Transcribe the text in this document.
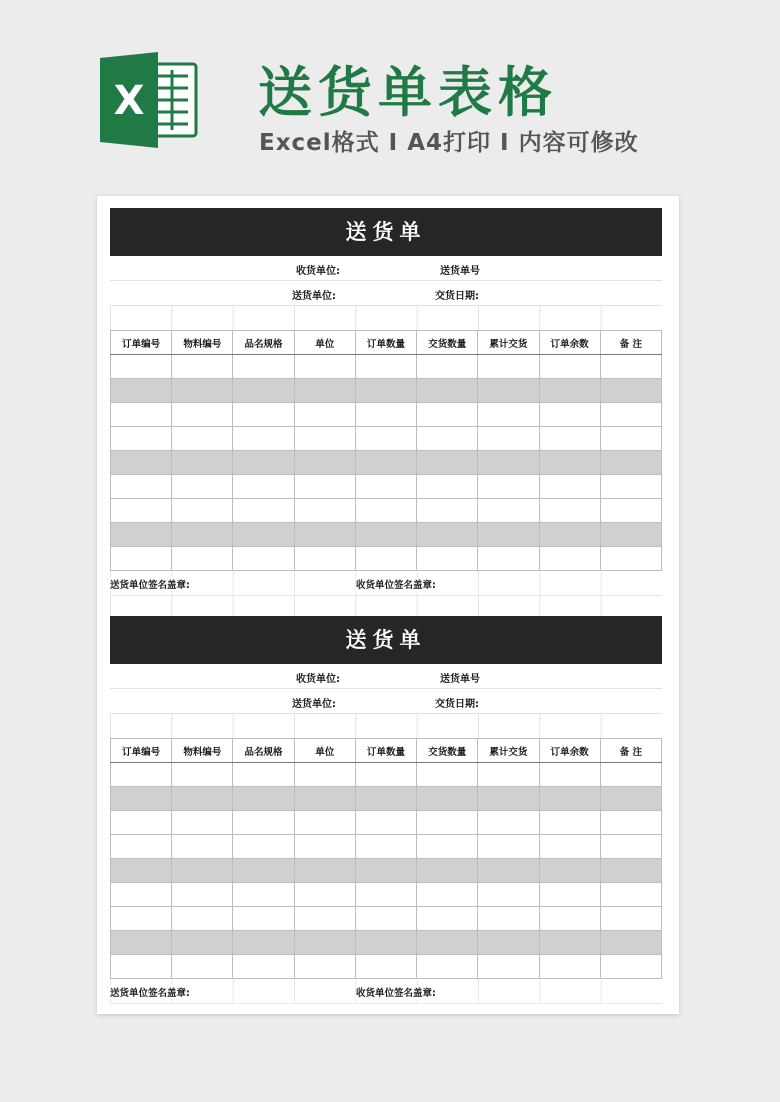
X 送货单表格
Excel格式 Ⅰ A4打印 Ⅰ 内容可修改
送货单
收货单位:	送货单号
送货单位:	交货日期:
订单编号	物料编号	品名规格	单位	订单数量	交货数量	累计交货	订单余数	备 注

送货单位签名盖章:	收货单位签名盖章:
送货单
收货单位:	送货单号
送货单位:	交货日期:
订单编号	物料编号	品名规格	单位	订单数量	交货数量	累计交货	订单余数	备 注

送货单位签名盖章:	收货单位签名盖章:
